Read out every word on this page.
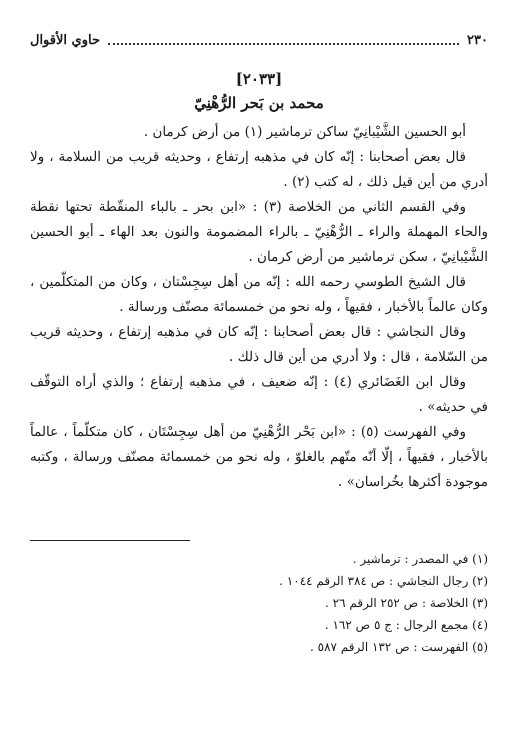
٢٣٠
حاوي الأقوال
[٢٠٣٣]
محمد بن بَحر الرُّهْنِيّ

أبو الحسين الشَّيْبانِيّ ساكن ترماشير (١) من أرض كرمان .

قال بعض أصحابنا : إنّه كان في مذهبه إرتفاع ، وحديثه قريب من السلامة ، ولا أدري من أين قيل ذلك ، له كتب (٢) .

وفي القسم الثاني من الخلاصة (٣) : «ابن بحر ـ بالباء المنقّطة تحتها نقطة والحاء المهملة والراء ـ الرُّهْنِيّ ـ بالراء المضمومة والنون بعد الهاء ـ أبو الحسين الشَّيْبانِيّ ، سكن ترماشير من أرض كرمان .

قال الشيخ الطوسي رحمه الله : إنّه من أهل سِجِسْتان ، وكان من المتكلّمين ، وكان عالماً بالأخبار ، فقيهاً ، وله نحو من خمسمائة مصنّف ورسالة .

وقال النجاشي : قال بعض أصحابنا : إنّه كان في مذهبه إرتفاع ، وحديثه قريب من السّلامة ، قال : ولا أدري من أين قال ذلك .

وقال ابن الغَضَائري (٤) : إنّه ضعيف ، في مذهبه إرتفاع ؛ والذي أراه التوقّف في حديثه» .

وفي الفهرست (٥) : «ابن بَحْر الرُّهْنِيّ من أهل سِجِسْتَان ، كان متكلّماً ، عالماً بالأخبار ، فقيهاً ، إلّا أنّه متّهم بالغلوّ ، وله نحو من خمسمائة مصنّف ورسالة ، وكتبه موجودة أكثرها بخُراسان» .

(١) في المصدر : ترماشير .
(٢) رجال النجاشي : ص ٣٨٤ الرقم ١٠٤٤ .
(٣) الخلاصة : ص ٢٥٢ الرقم ٢٦ .
(٤) مجمع الرجال : ج ٥ ص ١٦٢ .
(٥) الفهرست : ص ١٣٢ الرقم ٥٨٧ .
